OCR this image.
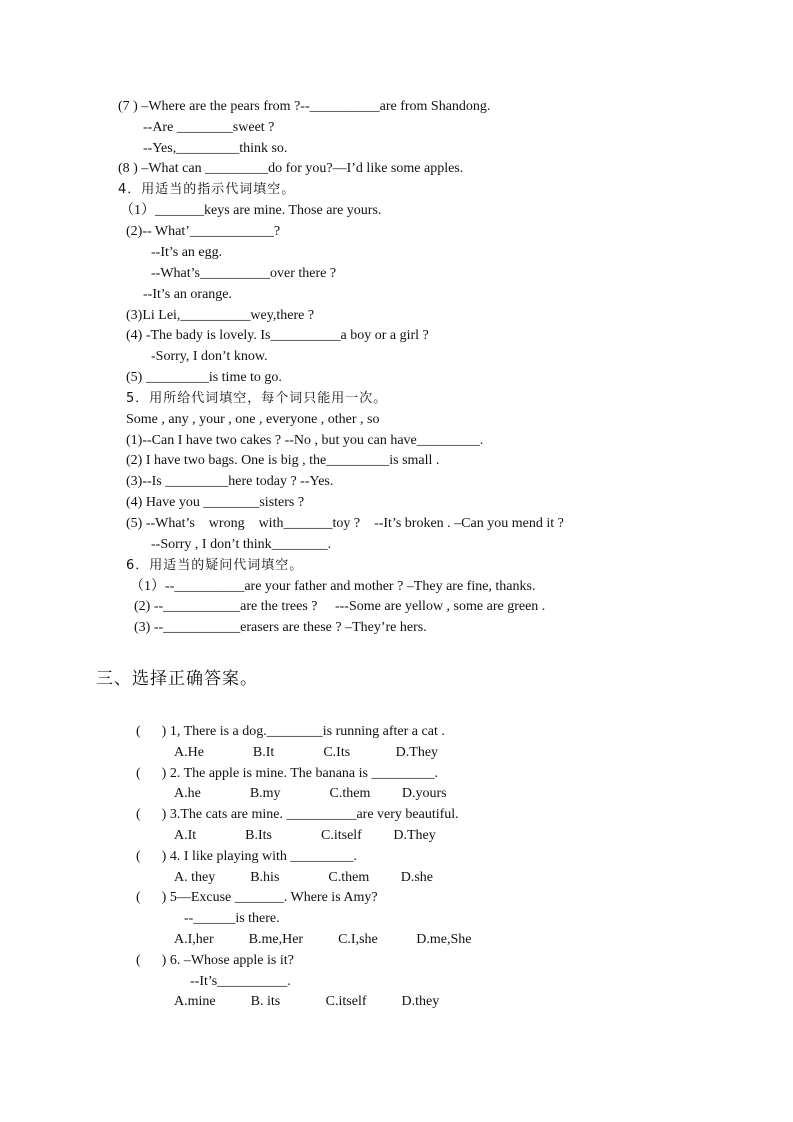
(7 ) –Where are the pears from ?--__________are from Shandong.
--Are ________sweet ?
--Yes,_________think so.
(8 ) –What can _________do for you?—I’d like some apples.
4．用适当的指示代词填空。
（1）_______keys are mine. Those are yours.
(2)-- What’____________?
--It’s an egg.
--What’s__________over there ?
--It’s an orange.
(3)Li Lei,__________wey,there ?
(4) -The bady is lovely. Is__________a boy or a girl ?
-Sorry, I don’t know.
(5) _________is time to go.
5．用所给代词填空，每个词只能用一次。
Some , any , your , one , everyone , other , so
(1)--Can I have two cakes ? --No , but you can have_________.
(2) I have two bags. One is big , the_________is small .
(3)--Is _________here today ? --Yes.
(4) Have you ________sisters ?
(5) --What’s    wrong    with_______toy ?    --It’s broken . –Can you mend it ?
--Sorry , I don’t think________.
6．用适当的疑问代词填空。
（1）--__________are your father and mother ? –They are fine, thanks.
(2) --___________are the trees ?     ---Some are yellow , some are green .
(3) --___________erasers are these ? –They’re hers.
三、选择正确答案。
(      ) 1, There is a dog.________is running after a cat .
A.He              B.It              C.Its             D.They
(      ) 2. The apple is mine. The banana is _________.
A.he              B.my              C.them         D.yours
(      ) 3.The cats are mine. __________are very beautiful.
A.It              B.Its              C.itself         D.They
(      ) 4. I like playing with _________.
A. they          B.his              C.them         D.she
(      ) 5—Excuse _______. Where is Amy?
--______is there.
A.I,her          B.me,Her          C.I,she           D.me,She
(      ) 6. –Whose apple is it?
--It’s__________.
A.mine          B. its             C.itself          D.they
